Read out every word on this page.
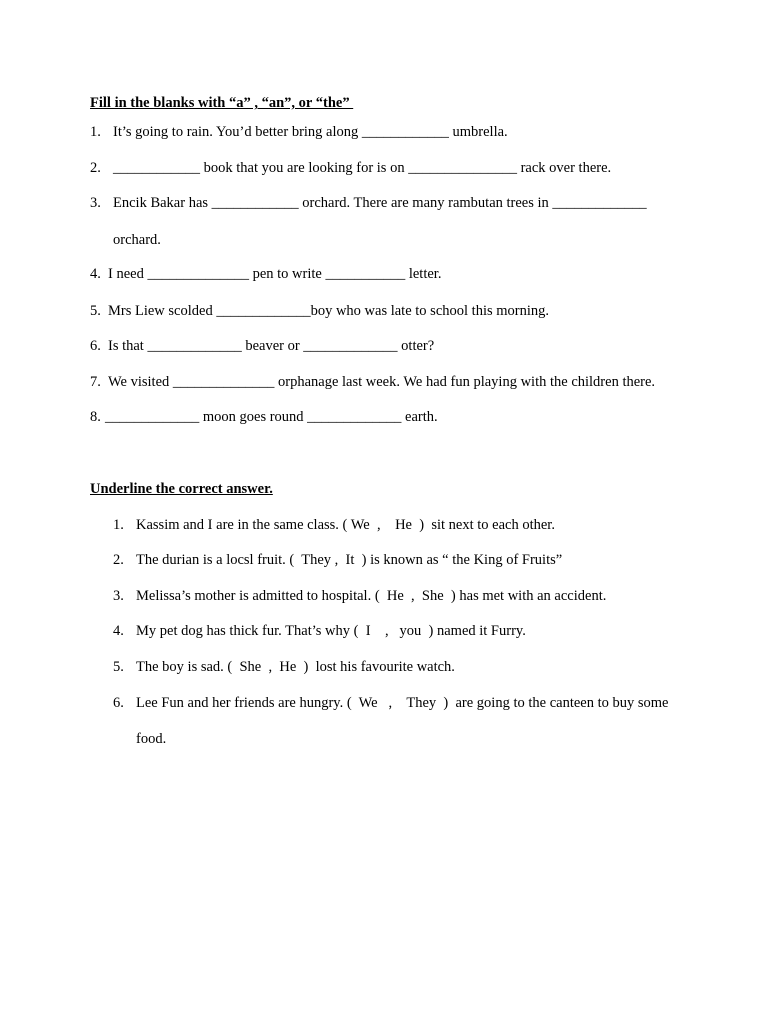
Fill in the blanks with “a” , “an”, or “the”
1. It’s going to rain. You’d better bring along ____________ umbrella.
2. ____________ book that you are looking for is on _______________ rack over there.
3. Encik Bakar has ____________ orchard. There are many rambutan trees in _____________
orchard.
4. I need ______________ pen to write ___________ letter.
5. Mrs Liew scolded _____________boy who was late to school this morning.
6. Is that _____________ beaver or _____________ otter?
7. We visited ______________ orphanage last week. We had fun playing with the children there.
8. _____________ moon goes round _____________ earth.
Underline the correct answer.
1. Kassim and I are in the same class. ( We  ,    He  )  sit next to each other.
2. The durian is a locsl fruit. (  They ,  It  ) is known as “ the King of Fruits”
3. Melissa’s mother is admitted to hospital. (  He  ,  She  ) has met with an accident.
4. My pet dog has thick fur. That’s why (  I    ,   you  ) named it Furry.
5. The boy is sad. (  She  ,  He  )  lost his favourite watch.
6. Lee Fun and her friends are hungry. (  We   ,    They  )  are going to the canteen to buy some
food.
